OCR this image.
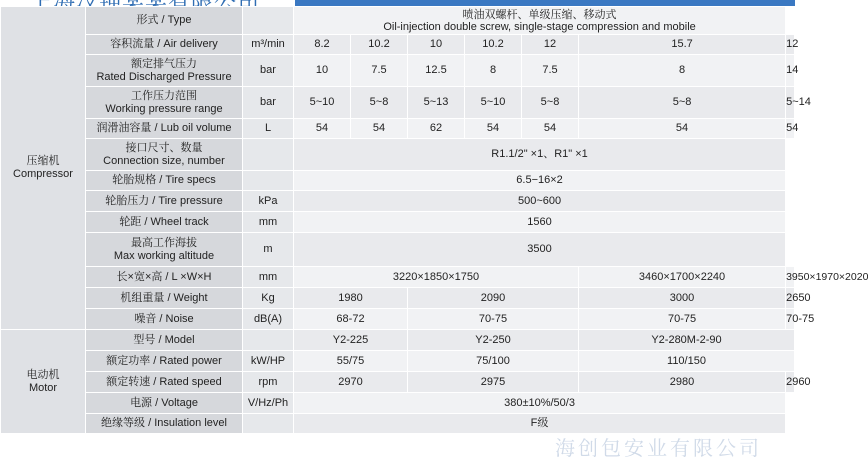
压缩机
Compressor	形式 / Type		喷油双螺杆、单级压缩、移动式
Oil-injection double screw, single-stage compression and mobile						
	容积流量 / Air delivery	m³/min	8.2	10.2	10	10.2	12	15.7	12
	额定排气压力
Rated Discharged Pressure	bar	10	7.5	12.5	8	7.5	8	14
	工作压力范围
Working pressure range	bar	5~10	5~8	5~13	5~10	5~8	5~8	5~14
	润滑油容量 / Lub oil volume	L	54	54	62	54	54	54	54
	接口尺寸、数量
Connection size, number		R1.1/2" ×1、R1" ×1						
	轮胎规格 / Tire specs		6.5−16×2						
	轮胎压力 / Tire pressure	kPa	500~600						
	轮距 / Wheel track	mm	1560						
	最高工作海拔
Max working altitude	m	3500						
	长×宽×高 / L ×W×H	mm	3220×1850×1750					3460×1700×2240	3950×1970×2020
	机组重量 / Weight	Kg	1980		2090			3000	2650
	噪音 / Noise	dB(A)	68-72		70-75			70-75	70-75
电动机
Motor	型号 / Model		Y2-225		Y2-250			Y2-280M-2-90	
	额定功率 / Rated power	kW/HP	55/75		75/100			110/150	
	额定转速 / Rated speed	rpm	2970		2975			2980	2960
	电源 / Voltage	V/Hz/Ph	380±10%/50/3						
	绝缘等级 / Insulation level		F级						
海创包安业有限公司
